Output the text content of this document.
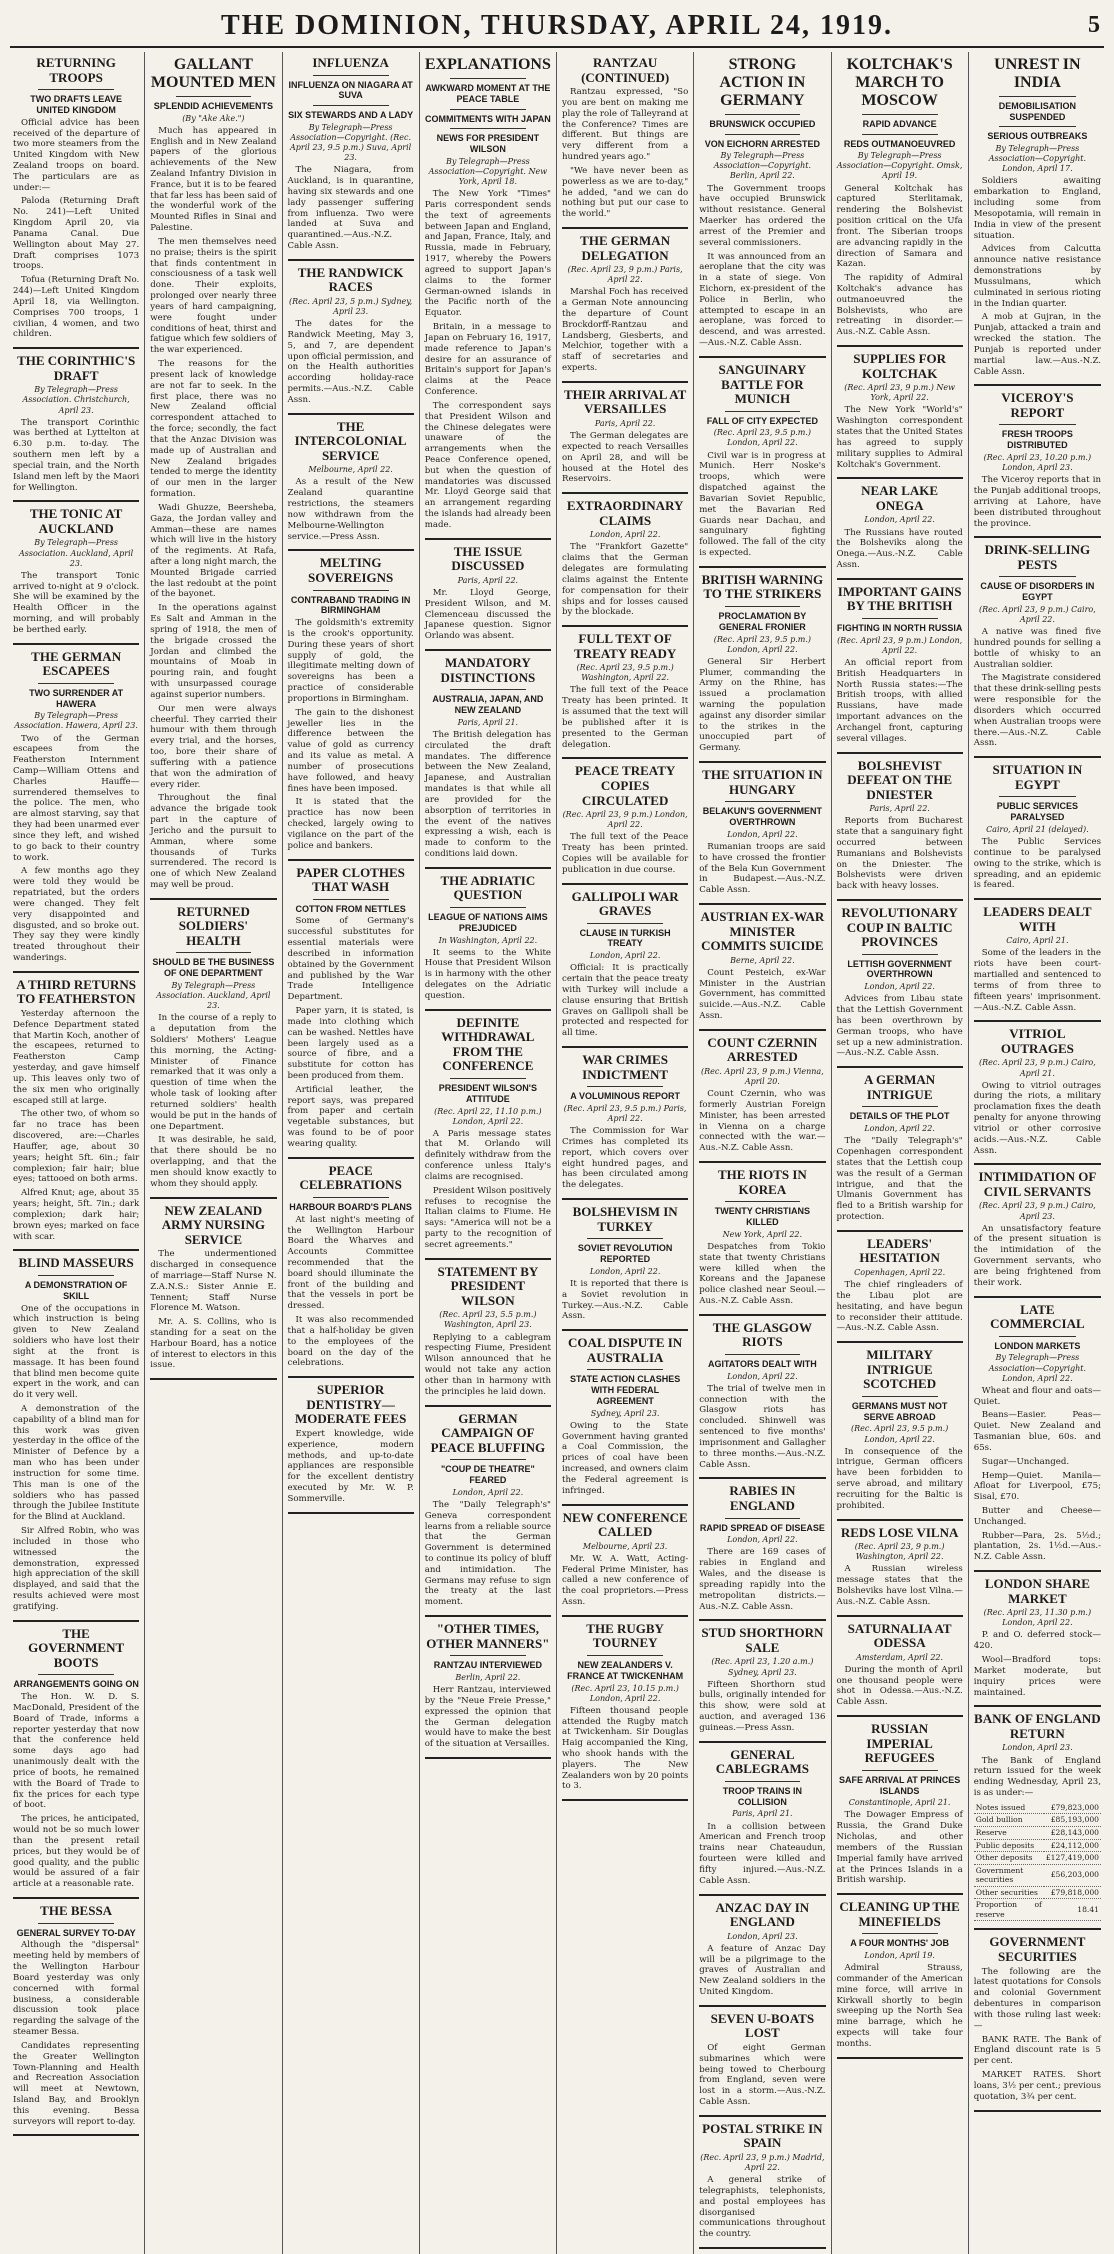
THE DOMINION, THURSDAY, APRIL 24, 1919.	5
RETURNING TROOPS
TWO DRAFTS LEAVE UNITED KINGDOM

Official advice has been received of the departure of two more steamers from the United Kingdom with New Zealand troops on board. The particulars are as under:—

Paloda (Returning Draft No. 241)—Left United Kingdom April 20, via Panama Canal. Due Wellington about May 27. Draft comprises 1073 troops.

Tofua (Returning Draft No. 244)—Left United Kingdom April 18, via Wellington. Comprises 700 troops, 1 civilian, 4 women, and two children.

THE CORINTHIC'S DRAFT
By Telegraph—Press Association. Christchurch, April 23.

The transport Corinthic was berthed at Lyttelton at 6.30 p.m. to-day. The southern men left by a special train, and the North Island men left by the Maori for Wellington.

THE TONIC AT AUCKLAND
By Telegraph—Press Association. Auckland, April 23.

The transport Tonic arrived to-night at 9 o'clock. She will be examined by the Health Officer in the morning, and will probably be berthed early.

THE GERMAN ESCAPEES
TWO SURRENDER AT HAWERA
By Telegraph—Press Association. Hawera, April 23.

Two of the German escapees from the Featherston Internment Camp—William Ottens and Charles Hauffe—surrendered themselves to the police. The men, who are almost starving, say that they had been unarmed ever since they left, and wished to go back to their country to work.

A few months ago they were told they would be repatriated, but the orders were changed. They felt very disappointed and disgusted, and so broke out. They say they were kindly treated throughout their wanderings.

A THIRD RETURNS TO FEATHERSTON

Yesterday afternoon the Defence Department stated that Martin Koch, another of the escapees, returned to Featherston Camp yesterday, and gave himself up. This leaves only two of the six men who originally escaped still at large.

The other two, of whom so far no trace has been discovered, are:—Charles Hauffer, age, about 30 years; height 5ft. 6in.; fair complexion; fair hair; blue eyes; tattooed on both arms.

Alfred Knut; age, about 35 years; height, 5ft. 7in.; dark complexion; dark hair; brown eyes; marked on face with scar.

BLIND MASSEURS
A DEMONSTRATION OF SKILL

One of the occupations in which instruction is being given to New Zealand soldiers who have lost their sight at the front is massage. It has been found that blind men become quite expert in the work, and can do it very well.

A demonstration of the capability of a blind man for this work was given yesterday in the office of the Minister of Defence by a man who has been under instruction for some time. This man is one of the soldiers who has passed through the Jubilee Institute for the Blind at Auckland.

Sir Alfred Robin, who was included in those who witnessed the demonstration, expressed high appreciation of the skill displayed, and said that the results achieved were most gratifying.

THE GOVERNMENT BOOTS
ARRANGEMENTS GOING ON

The Hon. W. D. S. MacDonald, President of the Board of Trade, informs a reporter yesterday that now that the conference held some days ago had unanimously dealt with the price of boots, he remained with the Board of Trade to fix the prices for each type of boot.

The prices, he anticipated, would not be so much lower than the present retail prices, but they would be of good quality, and the public would be assured of a fair article at a reasonable rate.

THE BESSA
GENERAL SURVEY TO-DAY

Although the "dispersal" meeting held by members of the Wellington Harbour Board yesterday was only concerned with formal business, a considerable discussion took place regarding the salvage of the steamer Bessa.

Candidates representing the Greater Wellington Town-Planning and Health and Recreation Association will meet at Newtown, Island Bay, and Brooklyn this evening. Bessa surveyors will report to-day.

GALLANT MOUNTED MEN
SPLENDID ACHIEVEMENTS
(By "Ake Ake.")

Much has appeared in English and in New Zealand papers of the glorious achievements of the New Zealand Infantry Division in France, but it is to be feared that far less has been said of the wonderful work of the Mounted Rifles in Sinai and Palestine.

The men themselves need no praise; theirs is the spirit that finds contentment in consciousness of a task well done. Their exploits, prolonged over nearly three years of hard campaigning, were fought under conditions of heat, thirst and fatigue which few soldiers of the war experienced.

The reasons for the present lack of knowledge are not far to seek. In the first place, there was no New Zealand official correspondent attached to the force; secondly, the fact that the Anzac Division was made up of Australian and New Zealand brigades tended to merge the identity of our men in the larger formation.

Wadi Ghuzze, Beersheba, Gaza, the Jordan valley and Amman—these are names which will live in the history of the regiments. At Rafa, after a long night march, the Mounted Brigade carried the last redoubt at the point of the bayonet.

In the operations against Es Salt and Amman in the spring of 1918, the men of the brigade crossed the Jordan and climbed the mountains of Moab in pouring rain, and fought with unsurpassed courage against superior numbers.

Our men were always cheerful. They carried their humour with them through every trial, and the horses, too, bore their share of suffering with a patience that won the admiration of every rider.

Throughout the final advance the brigade took part in the capture of Jericho and the pursuit to Amman, where some thousands of Turks surrendered. The record is one of which New Zealand may well be proud.

RETURNED SOLDIERS' HEALTH
SHOULD BE THE BUSINESS OF ONE DEPARTMENT
By Telegraph—Press Association. Auckland, April 23.

In the course of a reply to a deputation from the Soldiers' Mothers' League this morning, the Acting-Minister of Finance remarked that it was only a question of time when the whole task of looking after returned soldiers' health would be put in the hands of one Department.

It was desirable, he said, that there should be no overlapping, and that the men should know exactly to whom they should apply.

NEW ZEALAND ARMY NURSING SERVICE

The undermentioned discharged in consequence of marriage—Staff Nurse N. Z.A.N.S.: Sister Annie E. Tennent; Staff Nurse Florence M. Watson.

Mr. A. S. Collins, who is standing for a seat on the Harbour Board, has a notice of interest to electors in this issue.

INFLUENZA
INFLUENZA ON NIAGARA AT SUVA
SIX STEWARDS AND A LADY
By Telegraph—Press Association—Copyright. (Rec. April 23, 9.5 p.m.) Suva, April 23.

The Niagara, from Auckland, is in quarantine, having six stewards and one lady passenger suffering from influenza. Two were landed at Suva and quarantined.—Aus.-N.Z. Cable Assn.

THE RANDWICK RACES
(Rec. April 23, 5 p.m.) Sydney, April 23.

The dates for the Randwick Meeting, May 3, 5, and 7, are dependent upon official permission, and on the Health authorities according holiday-race permits.—Aus.-N.Z. Cable Assn.

THE INTERCOLONIAL SERVICE
Melbourne, April 22.

As a result of the New Zealand quarantine restrictions, the steamers now withdrawn from the Melbourne-Wellington service.—Press Assn.

MELTING SOVEREIGNS
CONTRABAND TRADING IN BIRMINGHAM

The goldsmith's extremity is the crook's opportunity. During these years of short supply of gold, the illegitimate melting down of sovereigns has been a practice of considerable proportions in Birmingham.

The gain to the dishonest jeweller lies in the difference between the value of gold as currency and its value as metal. A number of prosecutions have followed, and heavy fines have been imposed.

It is stated that the practice has now been checked, largely owing to vigilance on the part of the police and bankers.

PAPER CLOTHES THAT WASH
COTTON FROM NETTLES

Some of Germany's successful substitutes for essential materials were described in information obtained by the Government and published by the War Trade Intelligence Department.

Paper yarn, it is stated, is made into clothing which can be washed. Nettles have been largely used as a source of fibre, and a substitute for cotton has been produced from them.

Artificial leather, the report says, was prepared from paper and certain vegetable substances, but was found to be of poor wearing quality.

PEACE CELEBRATIONS
HARBOUR BOARD'S PLANS

At last night's meeting of the Wellington Harbour Board the Wharves and Accounts Committee recommended that the board should illuminate the front of the building and that the vessels in port be dressed.

It was also recommended that a half-holiday be given to the employees of the board on the day of the celebrations.

SUPERIOR DENTISTRY—MODERATE FEES

Expert knowledge, wide experience, modern methods, and up-to-date appliances are responsible for the excellent dentistry executed by Mr. W. P. Sommerville.

EXPLANATIONS
AWKWARD MOMENT AT THE PEACE TABLE
COMMITMENTS WITH JAPAN
NEWS FOR PRESIDENT WILSON
By Telegraph—Press Association—Copyright. New York, April 18.

The New York "Times" Paris correspondent sends the text of agreements between Japan and England, and Japan, France, Italy, and Russia, made in February, 1917, whereby the Powers agreed to support Japan's claims to the former German-owned islands in the Pacific north of the Equator.

Britain, in a message to Japan on February 16, 1917, made reference to Japan's desire for an assurance of Britain's support for Japan's claims at the Peace Conference.

The correspondent says that President Wilson and the Chinese delegates were unaware of the arrangements when the Peace Conference opened, but when the question of mandatories was discussed Mr. Lloyd George said that an arrangement regarding the islands had already been made.

THE ISSUE DISCUSSED
Paris, April 22.

Mr. Lloyd George, President Wilson, and M. Clemenceau discussed the Japanese question. Signor Orlando was absent.

MANDATORY DISTINCTIONS
AUSTRALIA, JAPAN, AND NEW ZEALAND
Paris, April 21.

The British delegation has circulated the draft mandates. The difference between the New Zealand, Japanese, and Australian mandates is that while all are provided for the absorption of territories in the event of the natives expressing a wish, each is made to conform to the conditions laid down.

THE ADRIATIC QUESTION
LEAGUE OF NATIONS AIMS PREJUDICED
In Washington, April 22.

It seems to the White House that President Wilson is in harmony with the other delegates on the Adriatic question.

DEFINITE WITHDRAWAL FROM THE CONFERENCE
PRESIDENT WILSON'S ATTITUDE
(Rec. April 22, 11.10 p.m.) London, April 22.

A Paris message states that M. Orlando will definitely withdraw from the conference unless Italy's claims are recognised.

President Wilson positively refuses to recognise the Italian claims to Fiume. He says: "America will not be a party to the recognition of secret agreements."

STATEMENT BY PRESIDENT WILSON
(Rec. April 23, 5.5 p.m.) Washington, April 23.

Replying to a cablegram respecting Fiume, President Wilson announced that he would not take any action other than in harmony with the principles he laid down.

GERMAN CAMPAIGN OF PEACE BLUFFING
"COUP DE THEATRE" FEARED
London, April 22.

The "Daily Telegraph's" Geneva correspondent learns from a reliable source that the German Government is determined to continue its policy of bluff and intimidation. The Germans may refuse to sign the treaty at the last moment.

"OTHER TIMES, OTHER MANNERS"
RANTZAU INTERVIEWED
Berlin, April 22.

Herr Rantzau, interviewed by the "Neue Freie Presse," expressed the opinion that the German delegation would have to make the best of the situation at Versailles.

RANTZAU (CONTINUED)

Rantzau expressed, "So you are bent on making me play the role of Talleyrand at the Conference? Times are different. But things are very different from a hundred years ago."

"We have never been as powerless as we are to-day," he added, "and we can do nothing but put our case to the world."

THE GERMAN DELEGATION
(Rec. April 23, 9 p.m.) Paris, April 22.

Marshal Foch has received a German Note announcing the departure of Count Brockdorff-Rantzau and Landsberg, Giesberts, and Melchior, together with a staff of secretaries and experts.

THEIR ARRIVAL AT VERSAILLES
Paris, April 22.

The German delegates are expected to reach Versailles on April 28, and will be housed at the Hotel des Reservoirs.

EXTRAORDINARY CLAIMS
London, April 22.

The "Frankfort Gazette" claims that the German delegates are formulating claims against the Entente for compensation for their ships and for losses caused by the blockade.

FULL TEXT OF TREATY READY
(Rec. April 23, 9.5 p.m.) Washington, April 22.

The full text of the Peace Treaty has been printed. It is assumed that the text will be published after it is presented to the German delegation.

PEACE TREATY COPIES CIRCULATED
(Rec. April 23, 9 p.m.) London, April 22.

The full text of the Peace Treaty has been printed. Copies will be available for publication in due course.

GALLIPOLI WAR GRAVES
CLAUSE IN TURKISH TREATY
London, April 22.

Official: It is practically certain that the peace treaty with Turkey will include a clause ensuring that British Graves on Gallipoli shall be protected and respected for all time.

WAR CRIMES INDICTMENT
A VOLUMINOUS REPORT
(Rec. April 23, 9.5 p.m.) Paris, April 22.

The Commission for War Crimes has completed its report, which covers over eight hundred pages, and has been circulated among the delegates.

BOLSHEVISM IN TURKEY
SOVIET REVOLUTION REPORTED
London, April 22.

It is reported that there is a Soviet revolution in Turkey.—Aus.-N.Z. Cable Assn.

COAL DISPUTE IN AUSTRALIA
STATE ACTION CLASHES WITH FEDERAL AGREEMENT
Sydney, April 23.

Owing to the State Government having granted a Coal Commission, the prices of coal have been increased, and owners claim the Federal agreement is infringed.

NEW CONFERENCE CALLED
Melbourne, April 23.

Mr. W. A. Watt, Acting-Federal Prime Minister, has called a new conference of the coal proprietors.—Press Assn.

THE RUGBY TOURNEY
NEW ZEALANDERS V. FRANCE AT TWICKENHAM
(Rec. April 23, 10.15 p.m.) London, April 22.

Fifteen thousand people attended the Rugby match at Twickenham. Sir Douglas Haig accompanied the King, who shook hands with the players. The New Zealanders won by 20 points to 3.

STRONG ACTION IN GERMANY
BRUNSWICK OCCUPIED
VON EICHORN ARRESTED
By Telegraph—Press Association—Copyright. Berlin, April 22.

The Government troops have occupied Brunswick without resistance. General Maerker has ordered the arrest of the Premier and several commissioners.

It was announced from an aeroplane that the city was in a state of siege. Von Eichorn, ex-president of the Police in Berlin, who attempted to escape in an aeroplane, was forced to descend, and was arrested.—Aus.-N.Z. Cable Assn.

SANGUINARY BATTLE FOR MUNICH
FALL OF CITY EXPECTED
(Rec. April 23, 9.5 p.m.) London, April 22.

Civil war is in progress at Munich. Herr Noske's troops, which were dispatched against the Bavarian Soviet Republic, met the Bavarian Red Guards near Dachau, and sanguinary fighting followed. The fall of the city is expected.

BRITISH WARNING TO THE STRIKERS
PROCLAMATION BY GENERAL FRONIER
(Rec. April 23, 9.5 p.m.) London, April 22.

General Sir Herbert Plumer, commanding the Army on the Rhine, has issued a proclamation warning the population against any disorder similar to the strikes in the unoccupied part of Germany.

THE SITUATION IN HUNGARY
BELAKUN'S GOVERNMENT OVERTHROWN
London, April 22.

Rumanian troops are said to have crossed the frontier of the Bela Kun Government in Budapest.—Aus.-N.Z. Cable Assn.

AUSTRIAN EX-WAR MINISTER COMMITS SUICIDE
Berne, April 22.

Count Pesteich, ex-War Minister in the Austrian Government, has committed suicide.—Aus.-N.Z. Cable Assn.

COUNT CZERNIN ARRESTED
(Rec. April 23, 9 p.m.) Vienna, April 20.

Count Czernin, who was formerly Austrian Foreign Minister, has been arrested in Vienna on a charge connected with the war.—Aus.-N.Z. Cable Assn.

THE RIOTS IN KOREA
TWENTY CHRISTIANS KILLED
New York, April 22.

Despatches from Tokio state that twenty Christians were killed when the Koreans and the Japanese police clashed near Seoul.—Aus.-N.Z. Cable Assn.

THE GLASGOW RIOTS
AGITATORS DEALT WITH
London, April 22.

The trial of twelve men in connection with the Glasgow riots has concluded. Shinwell was sentenced to five months' imprisonment and Gallagher to three months.—Aus.-N.Z. Cable Assn.

RABIES IN ENGLAND
RAPID SPREAD OF DISEASE
London, April 22.

There are 169 cases of rabies in England and Wales, and the disease is spreading rapidly into the metropolitan districts.—Aus.-N.Z. Cable Assn.

STUD SHORTHORN SALE
(Rec. April 23, 1.20 a.m.) Sydney, April 23.

Fifteen Shorthorn stud bulls, originally intended for this show, were sold at auction, and averaged 136 guineas.—Press Assn.

GENERAL CABLEGRAMS
TROOP TRAINS IN COLLISION
Paris, April 21.

In a collision between American and French troop trains near Chateaudun, fourteen were killed and fifty injured.—Aus.-N.Z. Cable Assn.

ANZAC DAY IN ENGLAND
London, April 23.

A feature of Anzac Day will be a pilgrimage to the graves of Australian and New Zealand soldiers in the United Kingdom.

SEVEN U-BOATS LOST

Of eight German submarines which were being towed to Cherbourg from England, seven were lost in a storm.—Aus.-N.Z. Cable Assn.

POSTAL STRIKE IN SPAIN
(Rec. April 23, 9 p.m.) Madrid, April 22.

A general strike of telegraphists, telephonists, and postal employees has disorganised communications throughout the country.

KOLTCHAK'S MARCH TO MOSCOW
RAPID ADVANCE
REDS OUTMANOEUVRED
By Telegraph—Press Association—Copyright. Omsk, April 19.

General Koltchak has captured Sterlitamak, rendering the Bolshevist position critical on the Ufa front. The Siberian troops are advancing rapidly in the direction of Samara and Kazan.

The rapidity of Admiral Koltchak's advance has outmanoeuvred the Bolshevists, who are retreating in disorder.—Aus.-N.Z. Cable Assn.

SUPPLIES FOR KOLTCHAK
(Rec. April 23, 9 p.m.) New York, April 22.

The New York "World's" Washington correspondent states that the United States has agreed to supply military supplies to Admiral Koltchak's Government.

NEAR LAKE ONEGA
London, April 22.

The Russians have routed the Bolsheviks along the Onega.—Aus.-N.Z. Cable Assn.

IMPORTANT GAINS BY THE BRITISH
FIGHTING IN NORTH RUSSIA
(Rec. April 23, 9 p.m.) London, April 22.

An official report from British Headquarters in North Russia states:—The British troops, with allied Russians, have made important advances on the Archangel front, capturing several villages.

BOLSHEVIST DEFEAT ON THE DNIESTER
Paris, April 22.

Reports from Bucharest state that a sanguinary fight occurred between Rumanians and Bolshevists on the Dniester. The Bolshevists were driven back with heavy losses.

REVOLUTIONARY COUP IN BALTIC PROVINCES
LETTISH GOVERNMENT OVERTHROWN
London, April 22.

Advices from Libau state that the Lettish Government has been overthrown by German troops, who have set up a new administration.—Aus.-N.Z. Cable Assn.

A GERMAN INTRIGUE
DETAILS OF THE PLOT
London, April 22.

The "Daily Telegraph's" Copenhagen correspondent states that the Lettish coup was the result of a German intrigue, and that the Ulmanis Government has fled to a British warship for protection.

LEADERS' HESITATION
Copenhagen, April 22.

The chief ringleaders of the Libau plot are hesitating, and have begun to reconsider their attitude.—Aus.-N.Z. Cable Assn.

MILITARY INTRIGUE SCOTCHED
GERMANS MUST NOT SERVE ABROAD
(Rec. April 23, 9.5 p.m.) London, April 22.

In consequence of the intrigue, German officers have been forbidden to serve abroad, and military recruiting for the Baltic is prohibited.

REDS LOSE VILNA
(Rec. April 23, 9 p.m.) Washington, April 22.

A Russian wireless message states that the Bolsheviks have lost Vilna.—Aus.-N.Z. Cable Assn.

SATURNALIA AT ODESSA
Amsterdam, April 22.

During the month of April one thousand people were shot in Odessa.—Aus.-N.Z. Cable Assn.

RUSSIAN IMPERIAL REFUGEES
SAFE ARRIVAL AT PRINCES ISLANDS
Constantinople, April 21.

The Dowager Empress of Russia, the Grand Duke Nicholas, and other members of the Russian Imperial family have arrived at the Princes Islands in a British warship.

CLEANING UP THE MINEFIELDS
A FOUR MONTHS' JOB
London, April 19.

Admiral Strauss, commander of the American mine force, will arrive in Kirkwall shortly to begin sweeping up the North Sea mine barrage, which he expects will take four months.

UNREST IN INDIA
DEMOBILISATION SUSPENDED
SERIOUS OUTBREAKS
By Telegraph—Press Association—Copyright. London, April 17.

Soldiers awaiting embarkation to England, including some from Mesopotamia, will remain in India in view of the present situation.

Advices from Calcutta announce native resistance demonstrations by Mussulmans, which culminated in serious rioting in the Indian quarter.

A mob at Gujran, in the Punjab, attacked a train and wrecked the station. The Punjab is reported under martial law.—Aus.-N.Z. Cable Assn.

VICEROY'S REPORT
FRESH TROOPS DISTRIBUTED
(Rec. April 23, 10.20 p.m.) London, April 23.

The Viceroy reports that in the Punjab additional troops, arriving at Lahore, have been distributed throughout the province.

DRINK-SELLING PESTS
CAUSE OF DISORDERS IN EGYPT
(Rec. April 23, 9 p.m.) Cairo, April 22.

A native was fined five hundred pounds for selling a bottle of whisky to an Australian soldier.

The Magistrate considered that these drink-selling pests were responsible for the disorders which occurred when Australian troops were there.—Aus.-N.Z. Cable Assn.

SITUATION IN EGYPT
PUBLIC SERVICES PARALYSED
Cairo, April 21 (delayed).

The Public Services continue to be paralysed owing to the strike, which is spreading, and an epidemic is feared.

LEADERS DEALT WITH
Cairo, April 21.

Some of the leaders in the riots have been court-martialled and sentenced to terms of from three to fifteen years' imprisonment.—Aus.-N.Z. Cable Assn.

VITRIOL OUTRAGES
(Rec. April 23, 9 p.m.) Cairo, April 21.

Owing to vitriol outrages during the riots, a military proclamation fixes the death penalty for anyone throwing vitriol or other corrosive acids.—Aus.-N.Z. Cable Assn.

INTIMIDATION OF CIVIL SERVANTS
(Rec. April 23, 9 p.m.) Cairo, April 23.

An unsatisfactory feature of the present situation is the intimidation of the Government servants, who are being frightened from their work.

LATE COMMERCIAL
LONDON MARKETS
By Telegraph—Press Association—Copyright. London, April 22.

Wheat and flour and oats—Quiet.

Beans—Easier. Peas—Quiet. New Zealand and Tasmanian blue, 60s. and 65s.

Sugar—Unchanged.

Hemp—Quiet. Manila—Afloat for Liverpool, £75; Sisal, £70.

Butter and Cheese—Unchanged.

Rubber—Para, 2s. 5½d.; plantation, 2s. 1½d.—Aus.-N.Z. Cable Assn.

LONDON SHARE MARKET
(Rec. April 23, 11.30 p.m.) London, April 22.

P. and O. deferred stock—420.

Wool—Bradford tops: Market moderate, but inquiry prices were maintained.

BANK OF ENGLAND RETURN
London, April 23.

The Bank of England return issued for the week ending Wednesday, April 23, is as under:—

Notes issued	£79,823,000
Gold bullion	£85,193,000
Reserve	£28,143,000
Public deposits	£24,112,000
Other deposits	£127,419,000
Government securities	£56,203,000
Other securities	£79,818,000
Proportion of reserve	18.41
GOVERNMENT SECURITIES

The following are the latest quotations for Consols and colonial Government debentures in comparison with those ruling last week:—

BANK RATE. The Bank of England discount rate is 5 per cent.

MARKET RATES. Short loans, 3½ per cent.; previous quotation, 3¾ per cent.
